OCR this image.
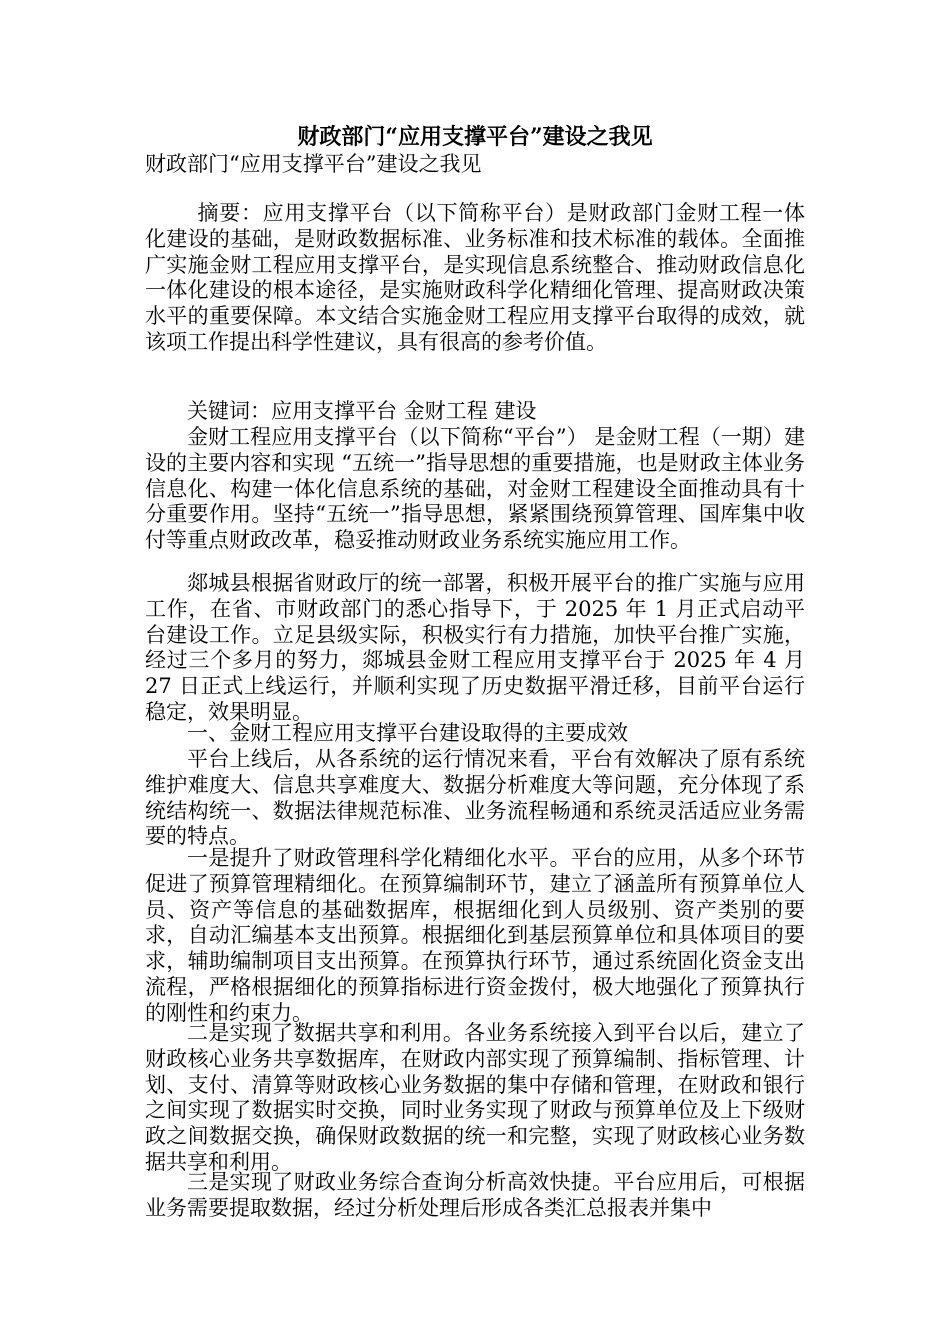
财政部门“应用支撑平台”建设之我见
财政部门“应用支撑平台”建设之我见

摘要：应用支撑平台（以下简称平台）是财政部门金财工程一体化建设的基础，是财政数据标准、业务标准和技术标准的载体。全面推广实施金财工程应用支撑平台，是实现信息系统整合、推动财政信息化一体化建设的根本途径，是实施财政科学化精细化管理、提高财政决策水平的重要保障。本文结合实施金财工程应用支撑平台取得的成效，就该项工作提出科学性建议，具有很高的参考价值。

关键词：应用支撑平台 金财工程 建设

金财工程应用支撑平台（以下简称“平台”） 是金财工程（一期）建设的主要内容和实现 “五统一”指导思想的重要措施，也是财政主体业务信息化、构建一体化信息系统的基础，对金财工程建设全面推动具有十分重要作用。坚持“五统一”指导思想，紧紧围绕预算管理、国库集中收付等重点财政改革，稳妥推动财政业务系统实施应用工作。

郯城县根据省财政厅的统一部署，积极开展平台的推广实施与应用工作，在省、市财政部门的悉心指导下，于 2025 年 1 月正式启动平台建设工作。立足县级实际，积极实行有力措施，加快平台推广实施，经过三个多月的努力，郯城县金财工程应用支撑平台于 2025 年 4 月 27 日正式上线运行，并顺利实现了历史数据平滑迁移，目前平台运行稳定，效果明显。

一、金财工程应用支撑平台建设取得的主要成效

平台上线后，从各系统的运行情况来看，平台有效解决了原有系统维护难度大、信息共享难度大、数据分析难度大等问题，充分体现了系统结构统一、数据法律规范标准、业务流程畅通和系统灵活适应业务需要的特点。

一是提升了财政管理科学化精细化水平。平台的应用，从多个环节促进了预算管理精细化。在预算编制环节，建立了涵盖所有预算单位人员、资产等信息的基础数据库，根据细化到人员级别、资产类别的要求，自动汇编基本支出预算。根据细化到基层预算单位和具体项目的要求，辅助编制项目支出预算。在预算执行环节，通过系统固化资金支出流程，严格根据细化的预算指标进行资金拨付，极大地强化了预算执行的刚性和约束力。

二是实现了数据共享和利用。各业务系统接入到平台以后，建立了财政核心业务共享数据库，在财政内部实现了预算编制、指标管理、计划、支付、清算等财政核心业务数据的集中存储和管理，在财政和银行之间实现了数据实时交换，同时业务实现了财政与预算单位及上下级财政之间数据交换，确保财政数据的统一和完整，实现了财政核心业务数据共享和利用。

三是实现了财政业务综合查询分析高效快捷。平台应用后，可根据业务需要提取数据，经过分析处理后形成各类汇总报表并集中
